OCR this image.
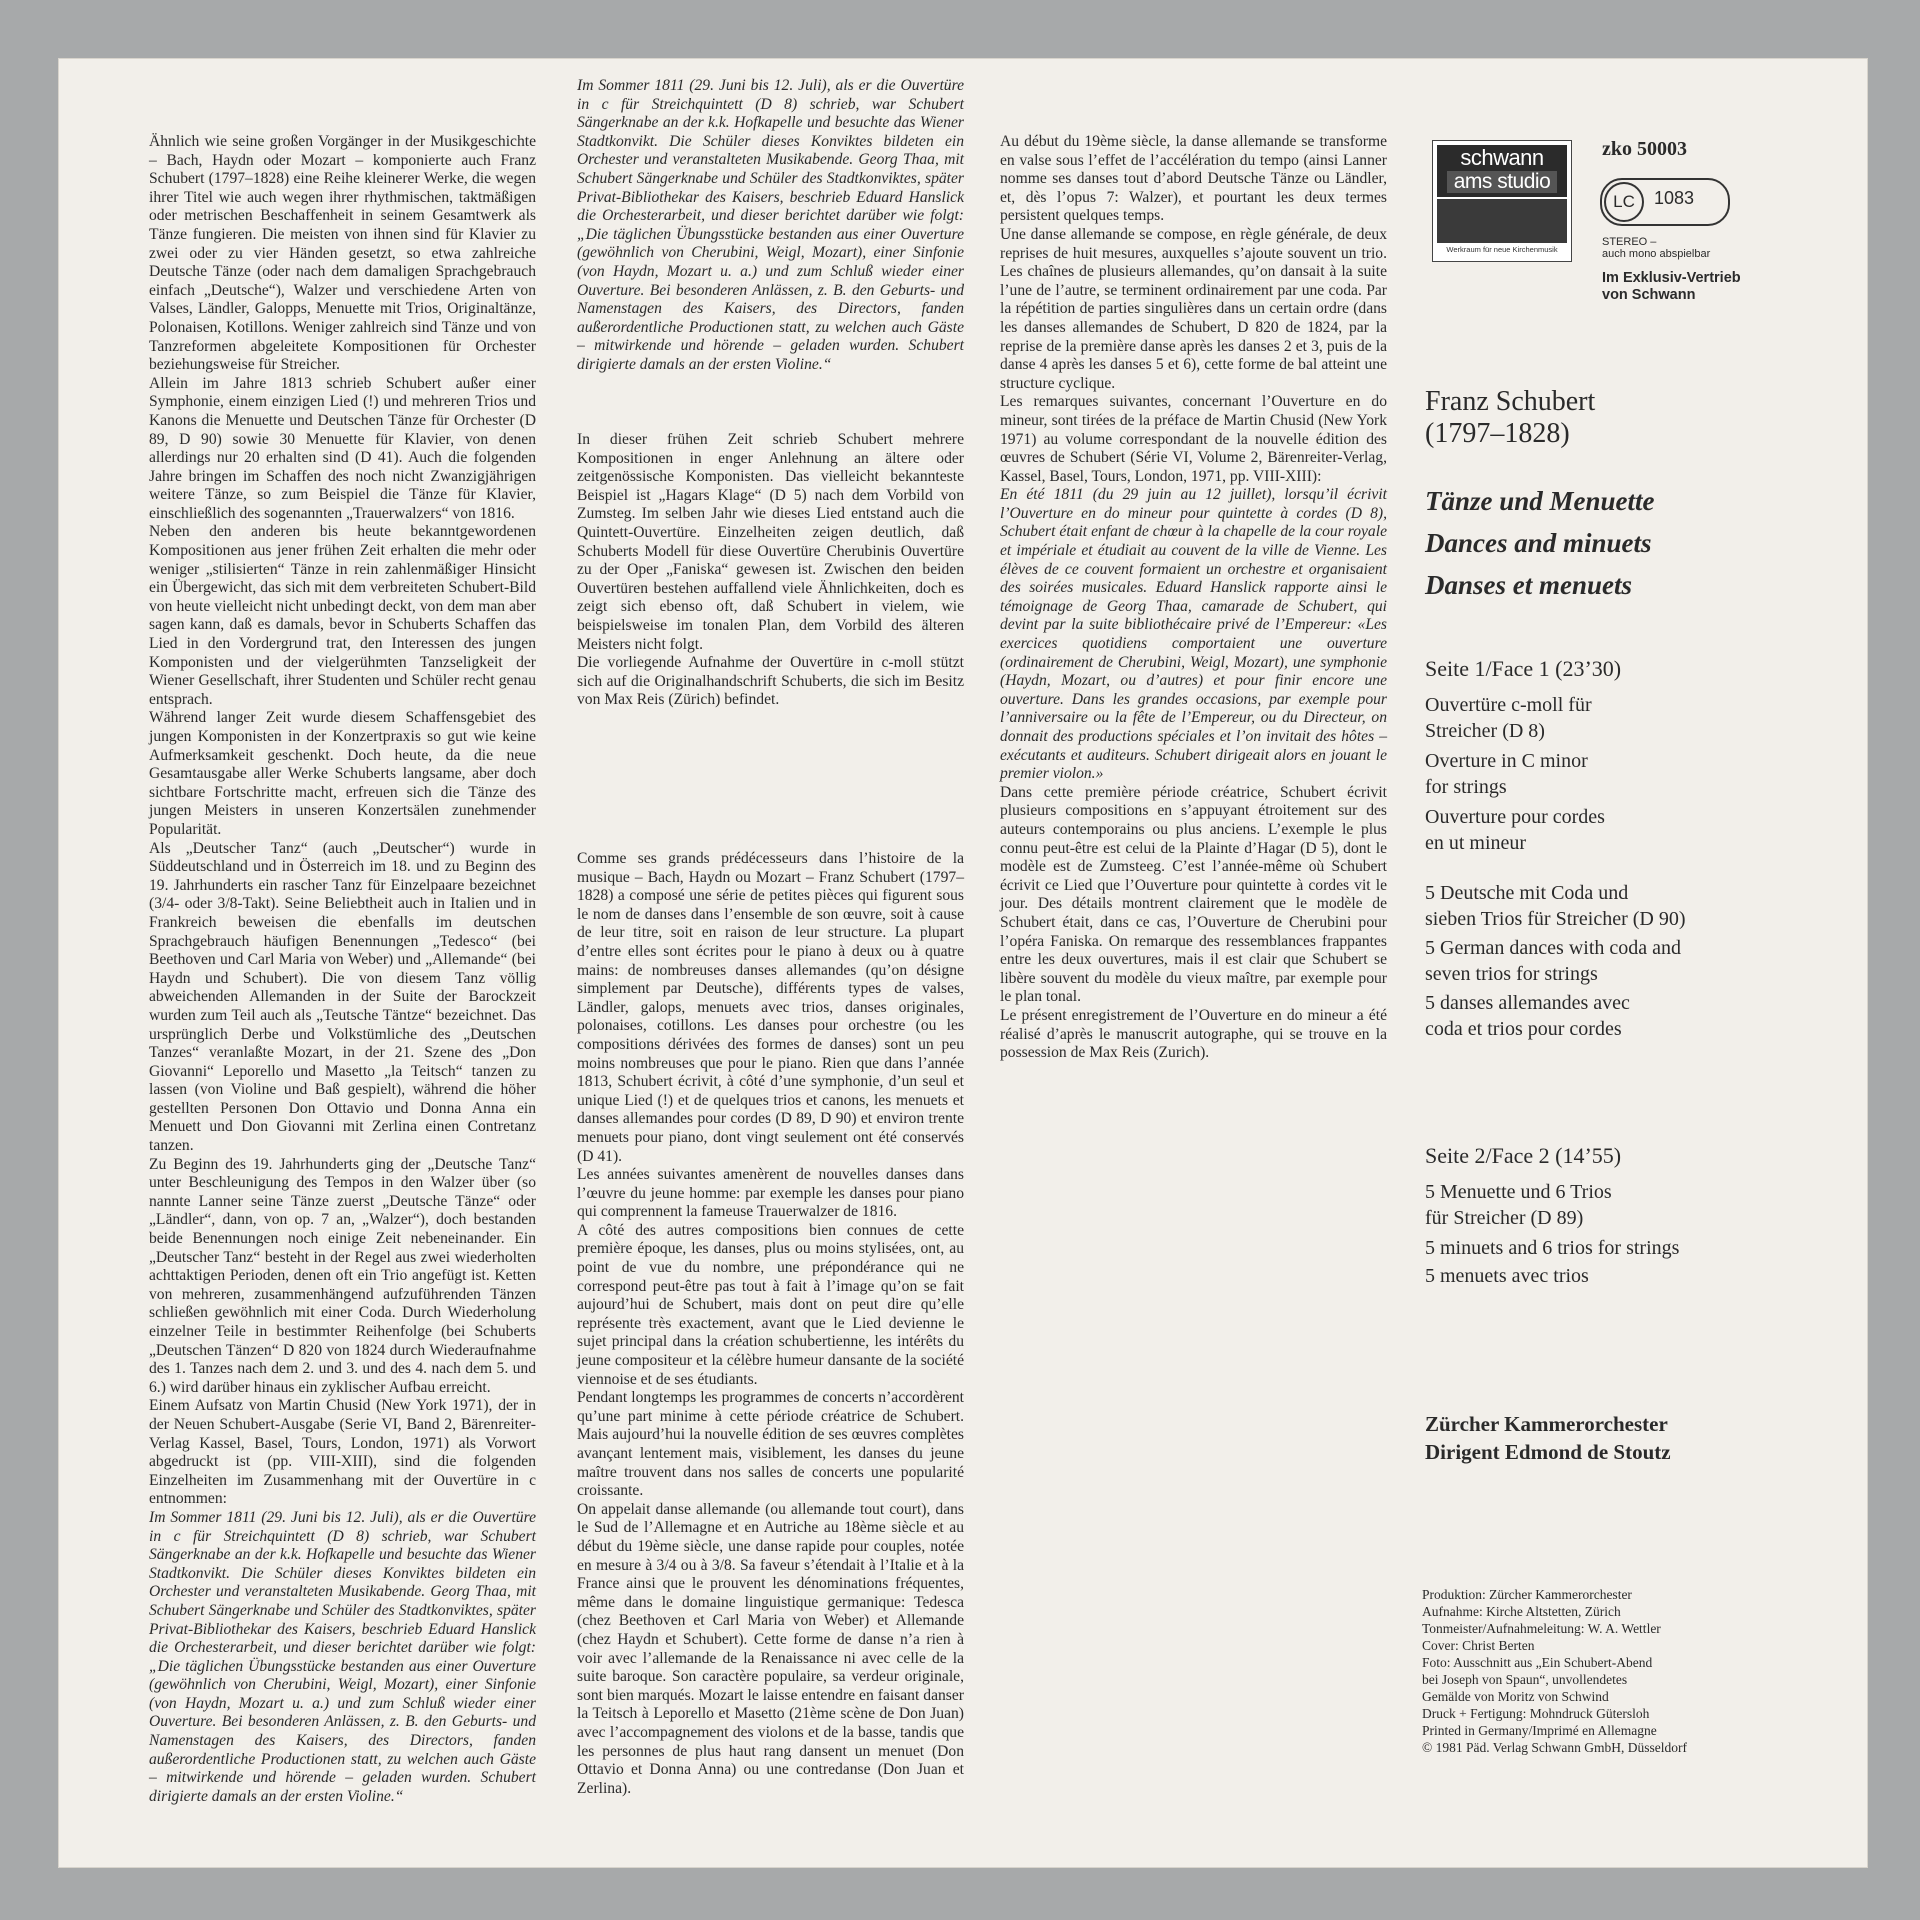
Ähnlich wie seine großen Vorgänger in der Musikgeschichte – Bach, Haydn oder Mozart – komponierte auch Franz Schubert (1797–1828) eine Reihe kleinerer Werke, die wegen ihrer Titel wie auch wegen ihrer rhythmischen, taktmäßigen oder metrischen Beschaffenheit in seinem Gesamtwerk als Tänze fungieren. Die meisten von ihnen sind für Klavier zu zwei oder zu vier Händen gesetzt, so etwa zahlreiche Deutsche Tänze (oder nach dem damaligen Sprachgebrauch einfach „Deutsche“), Walzer und verschiedene Arten von Valses, Ländler, Galopps, Menuette mit Trios, Originaltänze, Polonaisen, Kotillons. Weniger zahlreich sind Tänze und von Tanzreformen abgeleitete Kompositionen für Orchester beziehungsweise für Streicher.

Allein im Jahre 1813 schrieb Schubert außer einer Symphonie, einem einzigen Lied (!) und mehreren Trios und Kanons die Menuette und Deutschen Tänze für Orchester (D 89, D 90) sowie 30 Menuette für Klavier, von denen allerdings nur 20 erhalten sind (D 41). Auch die folgenden Jahre bringen im Schaffen des noch nicht Zwanzigjährigen weitere Tänze, so zum Beispiel die Tänze für Klavier, einschließlich des sogenannten „Trauerwalzers“ von 1816.

Neben den anderen bis heute bekanntgewordenen Kompositionen aus jener frühen Zeit erhalten die mehr oder weniger „stilisierten“ Tänze in rein zahlenmäßiger Hinsicht ein Übergewicht, das sich mit dem verbreiteten Schubert-Bild von heute vielleicht nicht unbedingt deckt, von dem man aber sagen kann, daß es damals, bevor in Schuberts Schaffen das Lied in den Vordergrund trat, den Interessen des jungen Komponisten und der vielgerühmten Tanzseligkeit der Wiener Gesellschaft, ihrer Studenten und Schüler recht genau entsprach.

Während langer Zeit wurde diesem Schaffensgebiet des jungen Komponisten in der Konzertpraxis so gut wie keine Aufmerksamkeit geschenkt. Doch heute, da die neue Gesamtausgabe aller Werke Schuberts langsame, aber doch sichtbare Fortschritte macht, erfreuen sich die Tänze des jungen Meisters in unseren Konzertsälen zunehmender Popularität.

Als „Deutscher Tanz“ (auch „Deutscher“) wurde in Süddeutschland und in Österreich im 18. und zu Beginn des 19. Jahrhunderts ein rascher Tanz für Einzelpaare bezeichnet (3/4- oder 3/8-Takt). Seine Beliebtheit auch in Italien und in Frankreich beweisen die ebenfalls im deutschen Sprachgebrauch häufigen Benennungen „Tedesco“ (bei Beethoven und Carl Maria von Weber) und „Allemande“ (bei Haydn und Schubert). Die von diesem Tanz völlig abweichenden Allemanden in der Suite der Barockzeit wurden zum Teil auch als „Teutsche Täntze“ bezeichnet. Das ursprünglich Derbe und Volkstümliche des „Deutschen Tanzes“ veranlaßte Mozart, in der 21. Szene des „Don Giovanni“ Leporello und Masetto „la Teitsch“ tanzen zu lassen (von Violine und Baß gespielt), während die höher gestellten Personen Don Ottavio und Donna Anna ein Menuett und Don Giovanni mit Zerlina einen Contretanz tanzen.

Zu Beginn des 19. Jahrhunderts ging der „Deutsche Tanz“ unter Beschleunigung des Tempos in den Walzer über (so nannte Lanner seine Tänze zuerst „Deutsche Tänze“ oder „Ländler“, dann, von op. 7 an, „Walzer“), doch bestanden beide Benennungen noch einige Zeit nebeneinander. Ein „Deutscher Tanz“ besteht in der Regel aus zwei wiederholten achttaktigen Perioden, denen oft ein Trio angefügt ist. Ketten von mehreren, zusammenhängend aufzuführenden Tänzen schließen gewöhnlich mit einer Coda. Durch Wiederholung einzelner Teile in bestimmter Reihenfolge (bei Schuberts „Deutschen Tänzen“ D 820 von 1824 durch Wiederaufnahme des 1. Tanzes nach dem 2. und 3. und des 4. nach dem 5. und 6.) wird darüber hinaus ein zyklischer Aufbau erreicht.

Einem Aufsatz von Martin Chusid (New York 1971), der in der Neuen Schubert-Ausgabe (Serie VI, Band 2, Bärenreiter-Verlag Kassel, Basel, Tours, London, 1971) als Vorwort abgedruckt ist (pp. VIII-XIII), sind die folgenden Einzelheiten im Zusammenhang mit der Ouvertüre in c entnommen:

Im Sommer 1811 (29. Juni bis 12. Juli), als er die Ouvertüre in c für Streichquintett (D 8) schrieb, war Schubert Sängerknabe an der k.k. Hofkapelle und besuchte das Wiener Stadtkonvikt. Die Schüler dieses Konviktes bildeten ein Orchester und veranstalteten Musikabende. Georg Thaa, mit Schubert Sängerknabe und Schüler des Stadtkonviktes, später Privat-Bibliothekar des Kaisers, beschrieb Eduard Hanslick die Orchesterarbeit, und dieser berichtet darüber wie folgt: „Die täglichen Übungsstücke bestanden aus einer Ouverture (gewöhnlich von Cherubini, Weigl, Mozart), einer Sinfonie (von Haydn, Mozart u. a.) und zum Schluß wieder einer Ouverture. Bei besonderen Anlässen, z. B. den Geburts- und Namenstagen des Kaisers, des Directors, fanden außerordentliche Productionen statt, zu welchen auch Gäste – mitwirkende und hörende – geladen wurden. Schubert dirigierte damals an der ersten Violine.“

Im Sommer 1811 (29. Juni bis 12. Juli), als er die Ouvertüre in c für Streichquintett (D 8) schrieb, war Schubert Sängerknabe an der k.k. Hofkapelle und besuchte das Wiener Stadtkonvikt. Die Schüler dieses Konviktes bildeten ein Orchester und veranstalteten Musikabende. Georg Thaa, mit Schubert Sängerknabe und Schüler des Stadtkonviktes, später Privat-Bibliothekar des Kaisers, beschrieb Eduard Hanslick die Orchesterarbeit, und dieser berichtet darüber wie folgt: „Die täglichen Übungsstücke bestanden aus einer Ouverture (gewöhnlich von Cherubini, Weigl, Mozart), einer Sinfonie (von Haydn, Mozart u. a.) und zum Schluß wieder einer Ouverture. Bei besonderen Anlässen, z. B. den Geburts- und Namenstagen des Kaisers, des Directors, fanden außerordentliche Productionen statt, zu welchen auch Gäste – mitwirkende und hörende – geladen wurden. Schubert dirigierte damals an der ersten Violine.“

In dieser frühen Zeit schrieb Schubert mehrere Kompositionen in enger Anlehnung an ältere oder zeitgenössische Komponisten. Das vielleicht bekannteste Beispiel ist „Hagars Klage“ (D 5) nach dem Vorbild von Zumsteg. Im selben Jahr wie dieses Lied entstand auch die Quintett-Ouvertüre. Einzelheiten zeigen deutlich, daß Schuberts Modell für diese Ouvertüre Cherubinis Ouvertüre zu der Oper „Faniska“ gewesen ist. Zwischen den beiden Ouvertüren bestehen auffallend viele Ähnlichkeiten, doch es zeigt sich ebenso oft, daß Schubert in vielem, wie beispielsweise im tonalen Plan, dem Vorbild des älteren Meisters nicht folgt.

Die vorliegende Aufnahme der Ouvertüre in c-moll stützt sich auf die Originalhandschrift Schuberts, die sich im Besitz von Max Reis (Zürich) befindet.

Comme ses grands prédécesseurs dans l’histoire de la musique – Bach, Haydn ou Mozart – Franz Schubert (1797–1828) a composé une série de petites pièces qui figurent sous le nom de danses dans l’ensemble de son œuvre, soit à cause de leur titre, soit en raison de leur structure. La plupart d’entre elles sont écrites pour le piano à deux ou à quatre mains: de nombreuses danses allemandes (qu’on désigne simplement par Deutsche), différents types de valses, Ländler, galops, menuets avec trios, danses originales, polonaises, cotillons. Les danses pour orchestre (ou les compositions dérivées des formes de danses) sont un peu moins nombreuses que pour le piano. Rien que dans l’année 1813, Schubert écrivit, à côté d’une symphonie, d’un seul et unique Lied (!) et de quelques trios et canons, les menuets et danses allemandes pour cordes (D 89, D 90) et environ trente menuets pour piano, dont vingt seulement ont été conservés (D 41).

Les années suivantes amenèrent de nouvelles danses dans l’œuvre du jeune homme: par exemple les danses pour piano qui comprennent la fameuse Trauerwalzer de 1816.

A côté des autres compositions bien connues de cette première époque, les danses, plus ou moins stylisées, ont, au point de vue du nombre, une prépondérance qui ne correspond peut-être pas tout à fait à l’image qu’on se fait aujourd’hui de Schubert, mais dont on peut dire qu’elle représente très exactement, avant que le Lied devienne le sujet principal dans la création schubertienne, les intérêts du jeune compositeur et la célèbre humeur dansante de la société viennoise et de ses étudiants.

Pendant longtemps les programmes de concerts n’accordèrent qu’une part minime à cette période créatrice de Schubert. Mais aujourd’hui la nouvelle édition de ses œuvres complètes avançant lentement mais, visiblement, les danses du jeune maître trouvent dans nos salles de concerts une popularité croissante.

On appelait danse allemande (ou allemande tout court), dans le Sud de l’Allemagne et en Autriche au 18ème siècle et au début du 19ème siècle, une danse rapide pour couples, notée en mesure à 3/4 ou à 3/8. Sa faveur s’étendait à l’Italie et à la France ainsi que le prouvent les dénominations fréquentes, même dans le domaine linguistique germanique: Tedesca (chez Beethoven et Carl Maria von Weber) et Allemande (chez Haydn et Schubert). Cette forme de danse n’a rien à voir avec l’allemande de la Renaissance ni avec celle de la suite baroque. Son caractère populaire, sa verdeur originale, sont bien marqués. Mozart le laisse entendre en faisant danser la Teitsch à Leporello et Masetto (21ème scène de Don Juan) avec l’accompagnement des violons et de la basse, tandis que les personnes de plus haut rang dansent un menuet (Don Ottavio et Donna Anna) ou une contredanse (Don Juan et Zerlina).

Au début du 19ème siècle, la danse allemande se transforme en valse sous l’effet de l’accélération du tempo (ainsi Lanner nomme ses danses tout d’abord Deutsche Tänze ou Ländler, et, dès l’opus 7: Walzer), et pourtant les deux termes persistent quelques temps.

Une danse allemande se compose, en règle générale, de deux reprises de huit mesures, auxquelles s’ajoute souvent un trio. Les chaînes de plusieurs allemandes, qu’on dansait à la suite l’une de l’autre, se terminent ordinairement par une coda. Par la répétition de parties singulières dans un certain ordre (dans les danses allemandes de Schubert, D 820 de 1824, par la reprise de la première danse après les danses 2 et 3, puis de la danse 4 après les danses 5 et 6), cette forme de bal atteint une structure cyclique.

Les remarques suivantes, concernant l’Ouverture en do mineur, sont tirées de la préface de Martin Chusid (New York 1971) au volume correspondant de la nouvelle édition des œuvres de Schubert (Série VI, Volume 2, Bärenreiter-Verlag, Kassel, Basel, Tours, London, 1971, pp. VIII-XIII):

En été 1811 (du 29 juin au 12 juillet), lorsqu’il écrivit l’Ouverture en do mineur pour quintette à cordes (D 8), Schubert était enfant de chœur à la chapelle de la cour royale et impériale et étudiait au couvent de la ville de Vienne. Les élèves de ce couvent formaient un orchestre et organisaient des soirées musicales. Eduard Hanslick rapporte ainsi le témoignage de Georg Thaa, camarade de Schubert, qui devint par la suite bibliothécaire privé de l’Empereur: «Les exercices quotidiens comportaient une ouverture (ordinairement de Cherubini, Weigl, Mozart), une symphonie (Haydn, Mozart, ou d’autres) et pour finir encore une ouverture. Dans les grandes occasions, par exemple pour l’anniversaire ou la fête de l’Empereur, ou du Directeur, on donnait des productions spéciales et l’on invitait des hôtes – exécutants et auditeurs. Schubert dirigeait alors en jouant le premier violon.»

Dans cette première période créatrice, Schubert écrivit plusieurs compositions en s’appuyant étroitement sur des auteurs contemporains ou plus anciens. L’exemple le plus connu peut-être est celui de la Plainte d’Hagar (D 5), dont le modèle est de Zumsteeg. C’est l’année-même où Schubert écrivit ce Lied que l’Ouverture pour quintette à cordes vit le jour. Des détails montrent clairement que le modèle de Schubert était, dans ce cas, l’Ouverture de Cherubini pour l’opéra Faniska. On remarque des ressemblances frappantes entre les deux ouvertures, mais il est clair que Schubert se libère souvent du modèle du vieux maître, par exemple pour le plan tonal.

Le présent enregistrement de l’Ouverture en do mineur a été réalisé d’après le manuscrit autographe, qui se trouve en la possession de Max Reis (Zurich).

schwann
ams studio
Werkraum für neue Kirchenmusik
zko 50003
LC	1083
STEREO –
auch mono abspielbar
Im Exklusiv-Vertrieb
von Schwann
Franz Schubert
(1797–1828)
Tänze und Menuette
Dances and minuets
Danses et menuets
Seite 1/Face 1 (23’30)
Ouvertüre c-moll für
Streicher (D 8)
Overture in C minor
for strings
Ouverture pour cordes
en ut mineur
5 Deutsche mit Coda und
sieben Trios für Streicher (D 90)
5 German dances with coda and
seven trios for strings
5 danses allemandes avec
coda et trios pour cordes
Seite 2/Face 2 (14’55)
5 Menuette und 6 Trios
für Streicher (D 89)
5 minuets and 6 trios for strings
5 menuets avec trios
Zürcher Kammerorchester
Dirigent Edmond de Stoutz
Produktion: Zürcher Kammerorchester
Aufnahme: Kirche Altstetten, Zürich
Tonmeister/Aufnahmeleitung: W. A. Wettler
Cover: Christ Berten
Foto: Ausschnitt aus „Ein Schubert-Abend
bei Joseph von Spaun“, unvollendetes
Gemälde von Moritz von Schwind
Druck + Fertigung: Mohndruck Gütersloh
Printed in Germany/Imprimé en Allemagne
© 1981 Päd. Verlag Schwann GmbH, Düsseldorf
